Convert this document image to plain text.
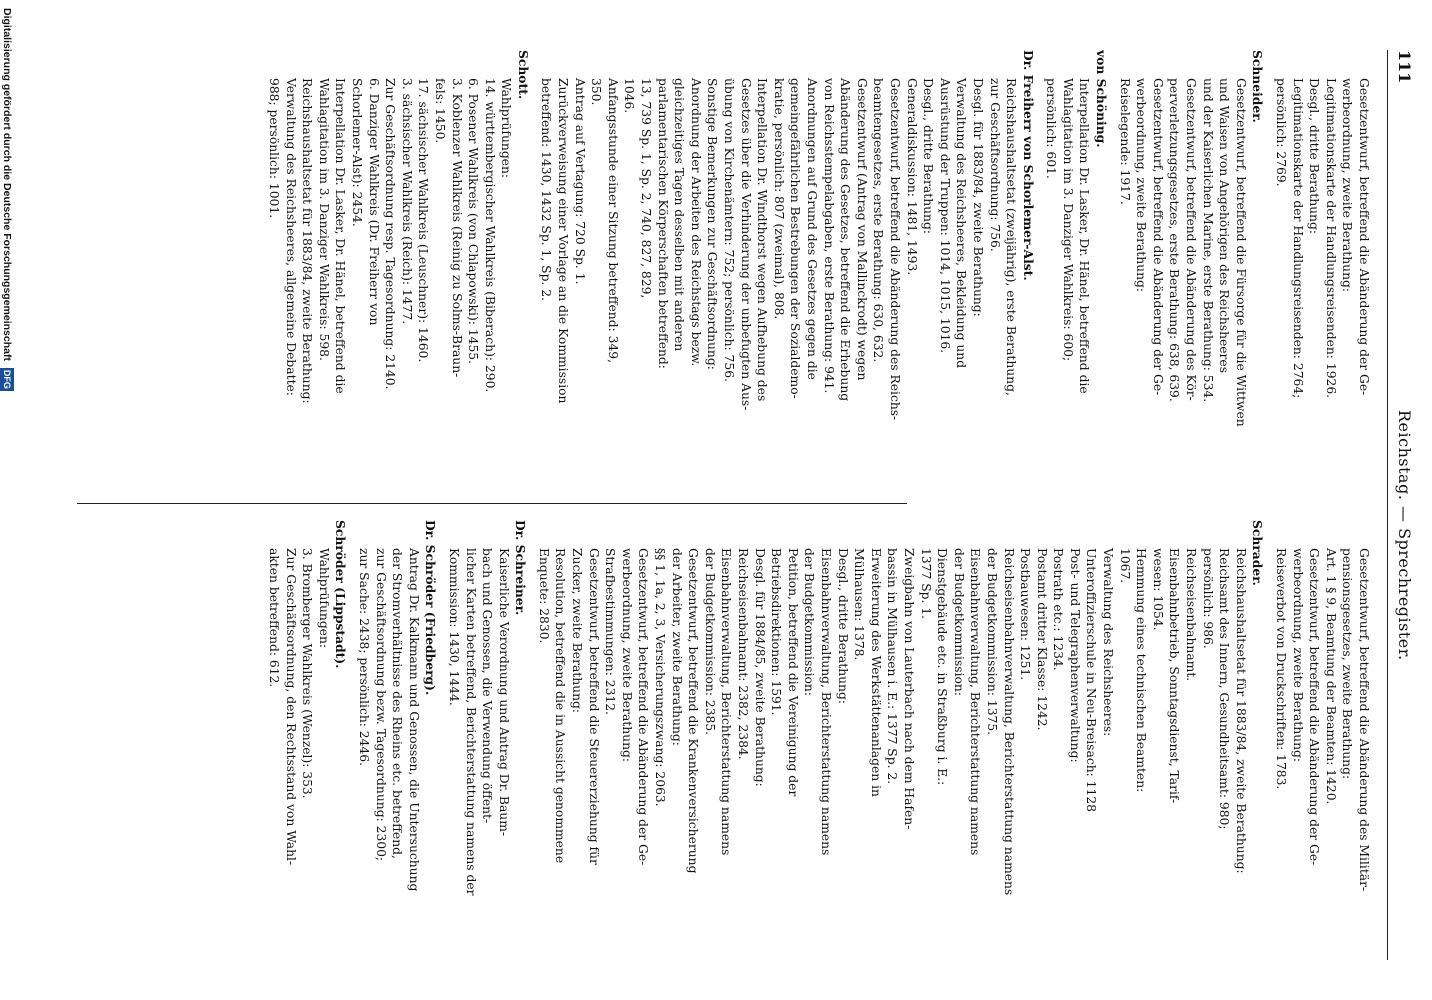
111
Reichstag. — Sprechregister.
Gesetzentwurf, betreffend die Abänderung der Ge-
werbeordnung, zweite Berathung:
Legitimationskarte der Handlungsreisenden: 1926.
Desgl., dritte Berathung:
Legitimationskarte der Handlungsreisenden: 2764;
persönlich: 2769.
Schneider.
Gesetzentwurf, betreffend die Fürsorge für die Wittwen
und Waisen von Angehörigen des Reichsheeres
und der Kaiserlichen Marine, erste Berathung: 534.
Gesetzentwurf, betreffend die Abänderung des Kör-
perverletzungsgesetzes, erste Berathung: 638, 639.
Gesetzentwurf, betreffend die Abänderung der Ge-
werbeordnung, zweite Berathung:
Reiselegende: 1917.
von Schöning.
Interpellation Dr. Lasker, Dr. Hänel, betreffend die
Wahlagitation im 3. Danziger Wahlkreis: 600;
persönlich: 601.
Dr. Freiherr von Schorlemer-Alst.
Reichshaushaltsetat (zweijährig), erste Berathung,
zur Geschäftsordnung: 756.
Desgl. für 1883/84, zweite Berathung:
Verwaltung des Reichsheeres, Bekleidung und
Ausrüstung der Truppen: 1014, 1015, 1016.
Desgl., dritte Berathung:
Generaldiskussion: 1481, 1493.
Gesetzentwurf, betreffend die Abänderung des Reichs-
beamtengesetzes, erste Berathung: 630, 632.
Gesetzentwurf (Antrag von Mallinckrodt) wegen
Abänderung des Gesetzes, betreffend die Erhebung
von Reichsstempelabgaben, erste Berathung: 941.
Anordnungen auf Grund des Gesetzes gegen die
gemeingefährlichen Bestrebungen der Sozialdemo-
kratie, persönlich: 807 (zweimal), 808.
Interpellation Dr. Windthorst wegen Aufhebung des
Gesetzes über die Verhinderung der unbefugten Aus-
übung von Kirchenämtern: 752; persönlich: 756.
Sonstige Bemerkungen zur Geschäftsordnung:
Anordnung der Arbeiten des Reichstags bezw.
gleichzeitiges Tagen desselben mit anderen
parlamentarischen Körperschaften betreffend:
13, 739 Sp. 1, Sp. 2, 740, 827, 829,
1046.
Anfangsstunde einer Sitzung betreffend: 349,
350.
Antrag auf Vertagung: 720 Sp. 1.
Zurückverweisung einer Vorlage an die Kommission
betreffend: 1430, 1432 Sp. 1, Sp. 2.
Schott.
Wahlprüfungen:
14. württembergischer Wahlkreis (Biberach): 290.
6. Posener Wahlkreis (von Chlapowski): 1455.
3. Koblenzer Wahlkreis (Reinig zu Solms-Braun-
fels: 1450.
17. sächsischer Wahlkreis (Leuschner): 1460.
3. sächsischer Wahlkreis (Reich): 1477.
Zur Geschäftsordnung resp. Tagesordnung: 2140.
6. Danziger Wahlkreis (Dr. Freiherr von
Schorlemer-Alst): 2454.
Interpellation Dr. Lasker, Dr. Hänel, betreffend die
Wahlagitation im 3. Danziger Wahlkreis: 598.
Reichshaushaltsetat für 1883/84, zweite Berathung:
Verwaltung des Reichsheeres, allgemeine Debatte:
988; persönlich: 1001.
Gesetzentwurf, betreffend die Abänderung des Militär-
pensionsgesetzes, zweite Berathung:
Art. 1 § 9, Beamtung der Beamten: 1420.
Gesetzentwurf, betreffend die Abänderung der Ge-
werbeordnung, zweite Berathung:
Reiseverbot von Druckschriften: 1783.
Schrader.
Reichshaushaltsetat für 1883/84, zweite Berathung:
Reichsamt des Innern, Gesundheitsamt: 980;
persönlich: 986.
Reichseisenbahnamt.
Eisenbahnbetrieb, Sonntagsdienst, Tarif-
wesen: 1054.
Hemmung eines technischen Beamten:
1067.
Verwaltung des Reichsheeres:
Unteroffizierschule in Neu-Breisach: 1128
Post- und Telegraphenverwaltung:
Postrath etc.: 1234.
Postamt dritter Klasse: 1242.
Postbauwesen: 1251.
Reichseisenbahnverwaltung, Berichterstattung namens
der Budgetkommission: 1375.
Eisenbahnverwaltung, Berichterstattung namens
der Budgetkommission:
Dienstgebäude etc. in Straßburg i. E.:
1377 Sp. 1.
Zweigbahn von Lauterbach nach dem Hafen-
bassin in Mülhausen i. E.: 1377 Sp. 2.
Erweiterung des Werkstättenanlagen in
Mülhausen: 1378.
Desgl., dritte Berathung:
Eisenbahnverwaltung, Berichterstattung namens
der Budgetkommission:
Petition, betreffend die Vereinigung der
Betriebsdirektionen: 1591.
Desgl. für 1884/85, zweite Berathung:
Reichseisenbahnamt: 2382, 2384.
Eisenbahnverwaltung, Berichterstattung namens
der Budgetkommission: 2385.
Gesetzentwurf, betreffend die Krankenversicherung
der Arbeiter, zweite Berathung:
§§ 1, 1a, 2, 3, Versicherungszwang: 2063.
Gesetzentwurf, betreffend die Abänderung der Ge-
werbeordnung, zweite Berathung:
Strafbestimmungen: 2312.
Gesetzentwurf, betreffend die Steuererziehung für
Zucker, zweite Berathung:
Resolution, betreffend die in Aussicht genommene
Enquete: 2830.
Dr. Schreiner.
Kaiserliche Verordnung und Antrag Dr. Baum-
bach und Genossen, die Verwendung öffent-
licher Karten betreffend, Berichterstattung namens der
Kommission: 1430, 1444.
Dr. Schröder (Friedberg).
Antrag Dr. Kalkmann und Genossen, die Untersuchung
der Stromverhältnisse des Rheins etc. betreffend,
zur Geschäftsordnung bezw. Tagesordnung: 2300;
zur Sache: 2438; persönlich: 2446.
Schröder (Lippstadt).
Wahlprüfungen:
3. Bromberger Wahlkreis (Wenzel): 353.
Zur Geschäftsordnung, den Rechtsstand von Wahl-
akten betreffend: 612.
Digitalisierung gefördert durch die Deutsche Forschungsgemeinschaft DFG
